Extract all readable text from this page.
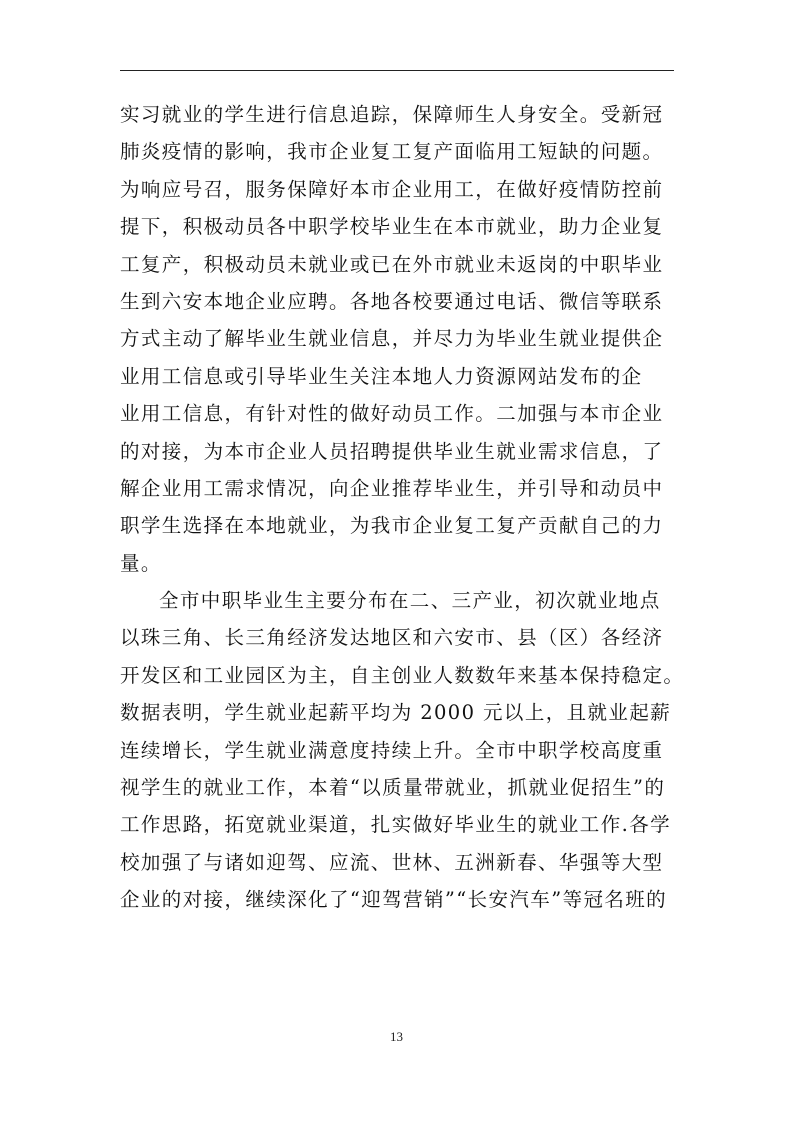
实习就业的学生进行信息追踪，保障师生人身安全。受新冠
肺炎疫情的影响，我市企业复工复产面临用工短缺的问题。
为响应号召，服务保障好本市企业用工，在做好疫情防控前
提下，积极动员各中职学校毕业生在本市就业，助力企业复
工复产，积极动员未就业或已在外市就业未返岗的中职毕业
生到六安本地企业应聘。各地各校要通过电话、微信等联系
方式主动了解毕业生就业信息，并尽力为毕业生就业提供企
业用工信息或引导毕业生关注本地人力资源网站发布的企
业用工信息，有针对性的做好动员工作。二加强与本市企业
的对接，为本市企业人员招聘提供毕业生就业需求信息，了
解企业用工需求情况，向企业推荐毕业生，并引导和动员中
职学生选择在本地就业，为我市企业复工复产贡献自己的力
量。
全市中职毕业生主要分布在二、三产业，初次就业地点
以珠三角、长三角经济发达地区和六安市、县（区）各经济
开发区和工业园区为主，自主创业人数数年来基本保持稳定。
数据表明，学生就业起薪平均为 2000 元以上，且就业起薪
连续增长，学生就业满意度持续上升。全市中职学校高度重
视学生的就业工作，本着“以质量带就业，抓就业促招生”的
工作思路，拓宽就业渠道，扎实做好毕业生的就业工作.各学
校加强了与诸如迎驾、应流、世林、五洲新春、华强等大型
企业的对接，继续深化了“迎驾营销”“长安汽车”等冠名班的
13
